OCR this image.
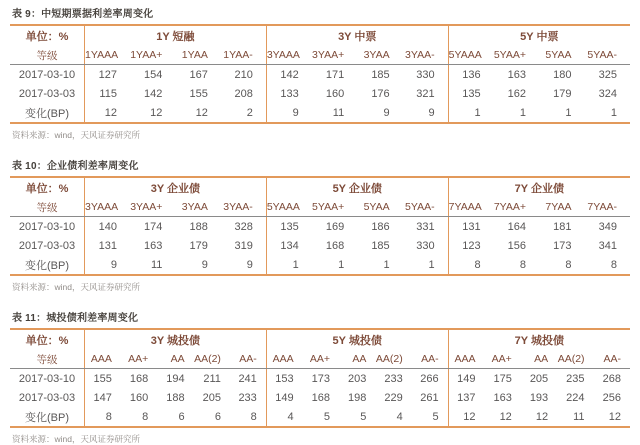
表 9：中短期票据利差率周变化
单位：%	1Y 短融				3Y 中票				5Y 中票			
等级	1YAAA	1YAA+	1YAA	1YAA-	3YAAA	3YAA+	3YAA	3YAA-	5YAAA	5YAA+	5YAA	5YAA-
2017-03-10	127	154	167	210	142	171	185	330	136	163	180	325
2017-03-03	115	142	155	208	133	160	176	321	135	162	179	324
变化(BP)	12	12	12	2	9	11	9	9	1	1	1	1
资料来源：wind，天风证券研究所
表 10：企业债利差率周变化
单位：%	3Y 企业债				5Y 企业债				7Y 企业债			
等级	3YAAA	3YAA+	3YAA	3YAA-	5YAAA	5YAA+	5YAA	5YAA-	7YAAA	7YAA+	7YAA	7YAA-
2017-03-10	140	174	188	328	135	169	186	331	131	164	181	349
2017-03-03	131	163	179	319	134	168	185	330	123	156	173	341
变化(BP)	9	11	9	9	1	1	1	1	8	8	8	8
资料来源：wind，天风证券研究所
表 11：城投债利差率周变化
单位：%	3Y 城投债					5Y 城投债					7Y 城投债				
等级	AAA	AA+	AA	AA(2)	AA-	AAA	AA+	AA	AA(2)	AA-	AAA	AA+	AA	AA(2)	AA-
2017-03-10	155	168	194	211	241	153	173	203	233	266	149	175	205	235	268
2017-03-03	147	160	188	205	233	149	168	198	229	261	137	163	193	224	256
变化(BP)	8	8	6	6	8	4	5	5	4	5	12	12	12	11	12
资料来源：wind，天风证券研究所
